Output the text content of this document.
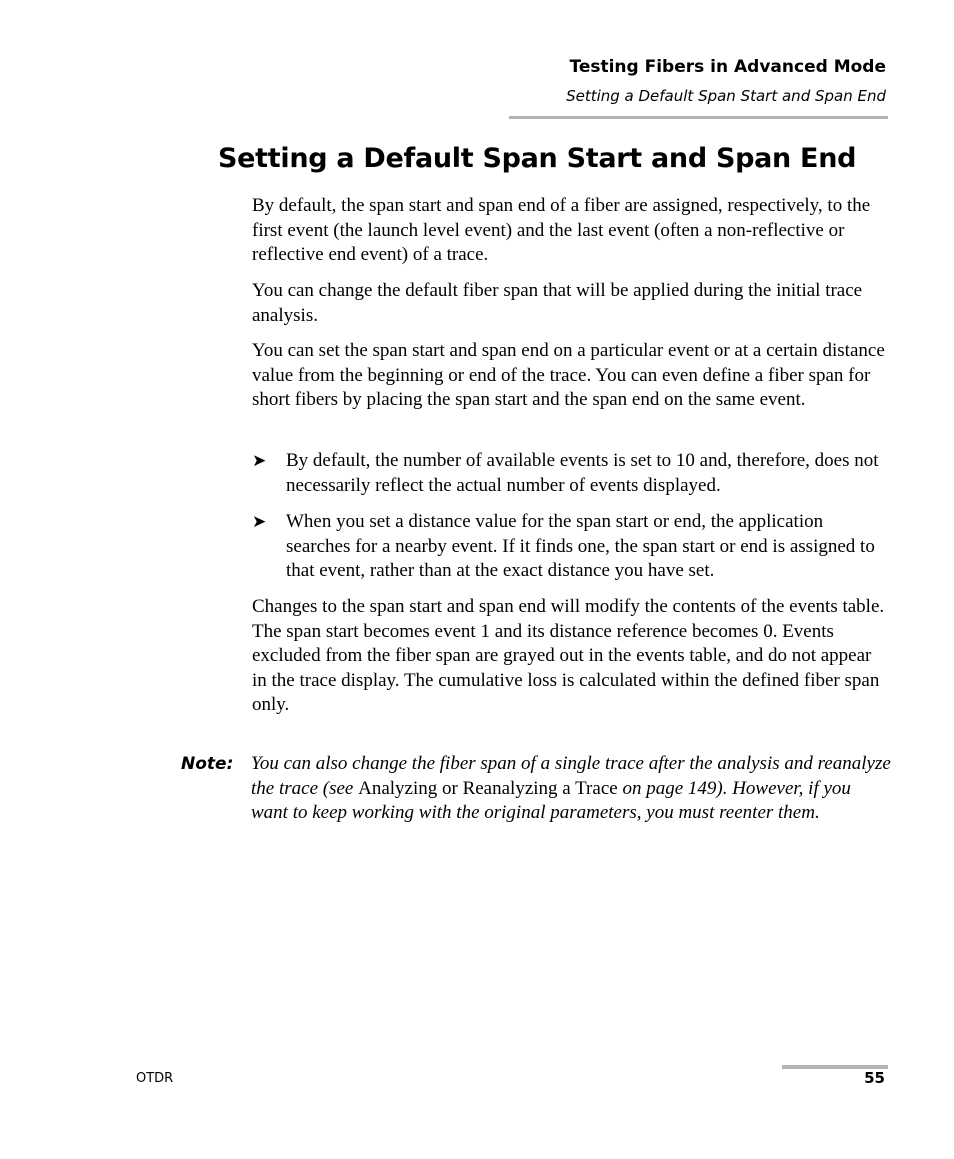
Testing Fibers in Advanced Mode
Setting a Default Span Start and Span End
Setting a Default Span Start and Span End

By default, the span start and span end of a fiber are assigned, respectively, to the first event (the launch level event) and the last event (often a non-reflective or reflective end event) of a trace.

You can change the default fiber span that will be applied during the initial trace analysis.

You can set the span start and span end on a particular event or at a certain distance value from the beginning or end of the trace. You can even define a fiber span for short fibers by placing the span start and the span end on the same event.

➤ By default, the number of available events is set to 10 and, therefore, does not necessarily reflect the actual number of events displayed.
➤ When you set a distance value for the span start or end, the application searches for a nearby event. If it finds one, the span start or end is assigned to that event, rather than at the exact distance you have set.

Changes to the span start and span end will modify the contents of the events table. The span start becomes event 1 and its distance reference becomes 0. Events excluded from the fiber span are grayed out in the events table, and do not appear in the trace display. The cumulative loss is calculated within the defined fiber span only.

Note: You can also change the fiber span of a single trace after the analysis and reanalyze the trace (see Analyzing or Reanalyzing a Trace on page 149). However, if you want to keep working with the original parameters, you must reenter them.

OTDR	55
